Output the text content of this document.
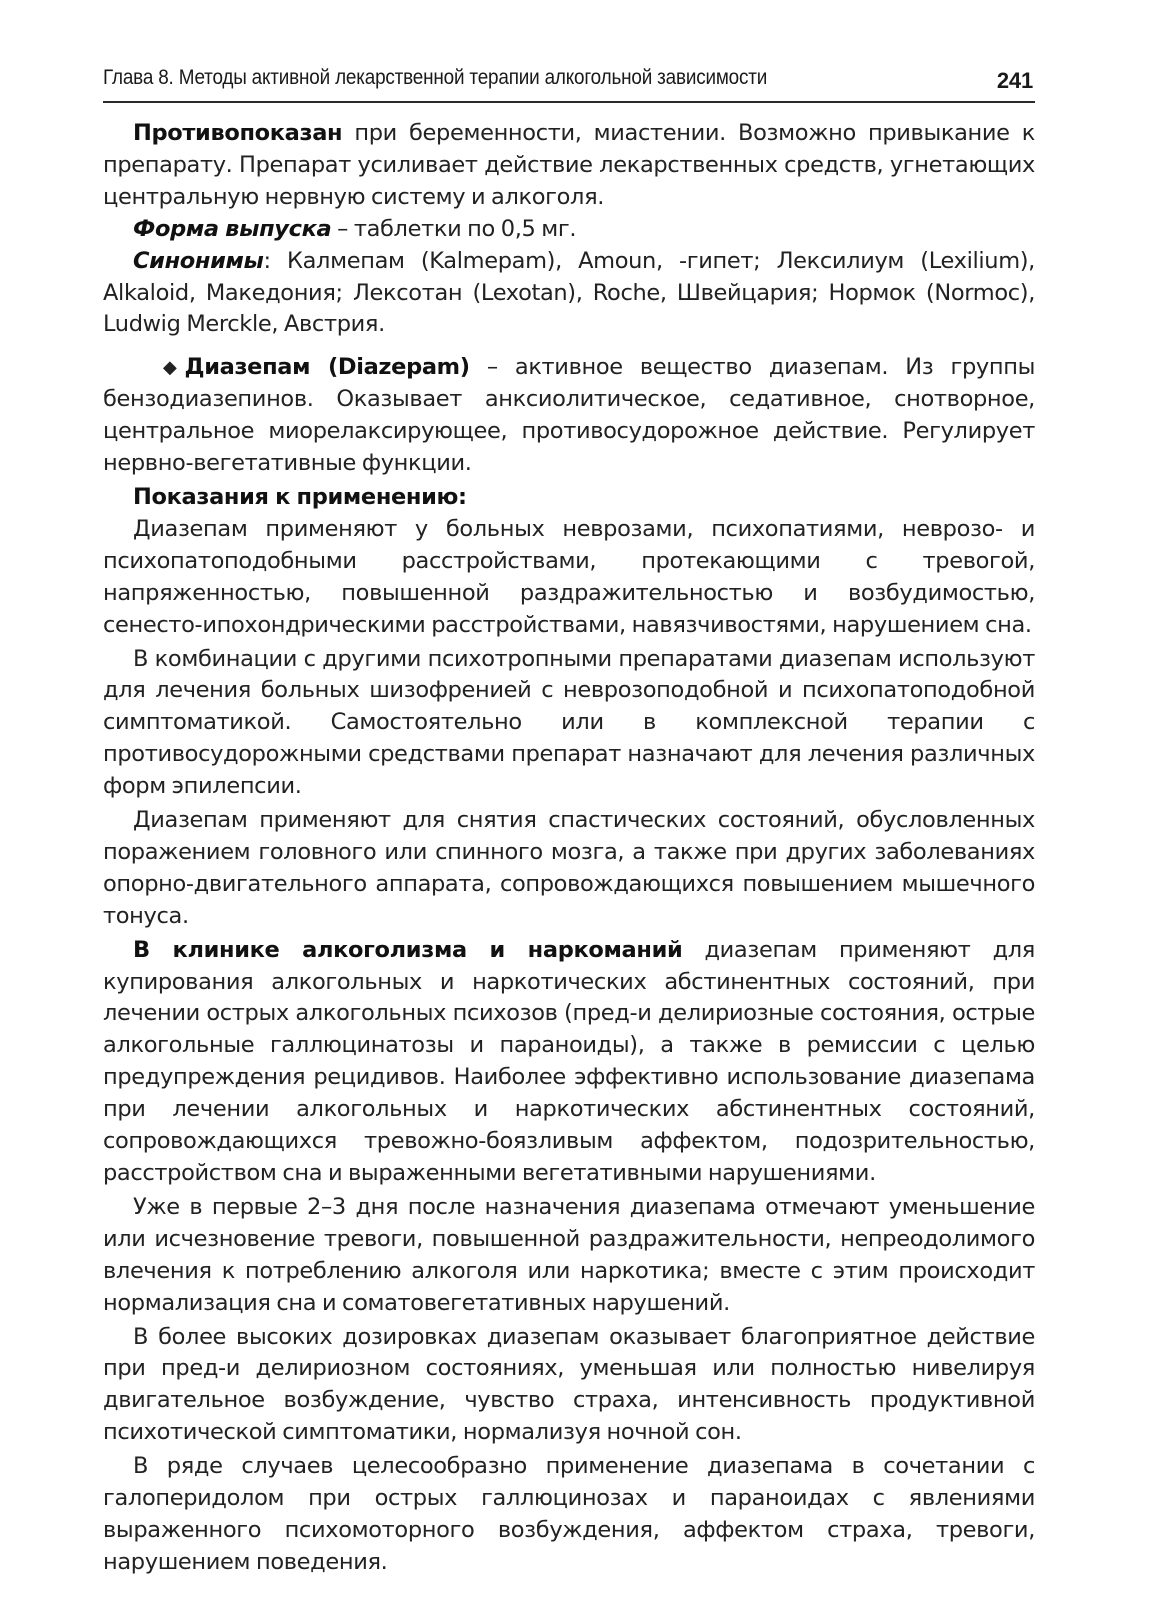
Глава 8. Методы активной лекарственной терапии алкогольной зависимости	241

Противопоказан при беременности, миастении. Возможно привыкание к препарату. Препарат усиливает действие лекарственных средств, угнетающих центральную нервную систему и алкоголя.

Форма выпуска – таблетки по 0,5 мг.

Синонимы: Калмепам (Kalmepam), Amoun, -гипет; Лексилиум (Lexilium), Alkaloid, Македония; Лексотан (Lexotan), Roche, Швейцария; Нормок (Normoc), Ludwig Merckle, Австрия.

◆ Диазепам (Diazepam) – активное вещество диазепам. Из группы бензодиазепинов. Оказывает анксиолитическое, седативное, снотворное, центральное миорелаксирующее, противосудорожное действие. Регулирует нервно-вегетативные функции.

Показания к применению:

Диазепам применяют у больных неврозами, психопатиями, неврозо- и психопатоподобными расстройствами, протекающими с тревогой, напряженностью, повышенной раздражительностью и возбудимостью, сенесто-ипохондрическими расстройствами, навязчивостями, нарушением сна.

В комбинации с другими психотропными препаратами диазепам используют для лечения больных шизофренией с неврозоподобной и психопатоподобной симптоматикой. Самостоятельно или в комплексной терапии с противосудорожными средствами препарат назначают для лечения различных форм эпилепсии.

Диазепам применяют для снятия спастических состояний, обусловленных поражением головного или спинного мозга, а также при других заболеваниях опорно-двигательного аппарата, сопровождающихся повышением мышечного тонуса.

В клинике алкоголизма и наркоманий диазепам применяют для купирования алкогольных и наркотических абстинентных состояний, при лечении острых алкогольных психозов (пред-и делириозные состояния, острые алкогольные галлюцинатозы и параноиды), а также в ремиссии с целью предупреждения рецидивов. Наиболее эффективно использование диазепама при лечении алкогольных и наркотических абстинентных состояний, сопровождающихся тревожно-боязливым аффектом, подозрительностью, расстройством сна и выраженными вегетативными нарушениями.

Уже в первые 2–3 дня после назначения диазепама отмечают уменьшение или исчезновение тревоги, повышенной раздражительности, непреодолимого влечения к потреблению алкоголя или наркотика; вместе с этим происходит нормализация сна и соматовегетативных нарушений.

В более высоких дозировках диазепам оказывает благоприятное действие при пред-и делириозном состояниях, уменьшая или полностью нивелируя двигательное возбуждение, чувство страха, интенсивность продуктивной психотической симптоматики, нормализуя ночной сон.

В ряде случаев целесообразно применение диазепама в сочетании с галоперидолом при острых галлюцинозах и параноидах с явлениями выраженного психомоторного возбуждения, аффектом страха, тревоги, нарушением поведения.
